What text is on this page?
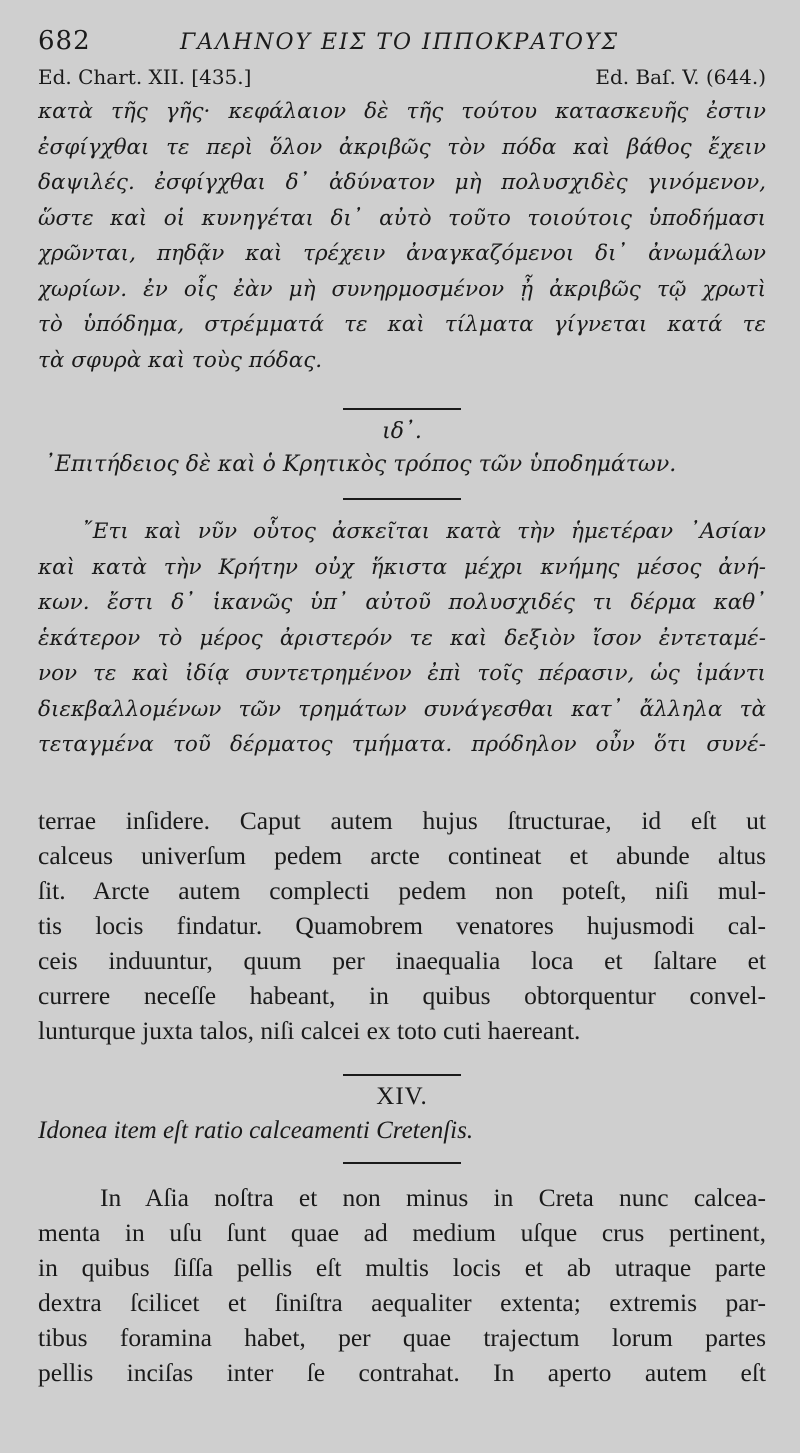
682	ΓΑΛΗΝΟΥ ΕΙΣ ΤΟ ΙΠΠΟΚΡΑΤΟΥΣ
Ed. Chart. XII. [435.]	Ed. Baſ. V. (644.)
κατὰ τῆς γῆς· κεφάλαιον δὲ τῆς τούτου κατασκευῆς ἐστιν
ἐσφίγχθαι τε περὶ ὅλον ἀκριβῶς τὸν πόδα καὶ βάθος ἔχειν
δαψιλές. ἐσφίγχθαι δ᾽ ἀδύνατον μὴ πολυσχιδὲς γινόμενον,
ὥστε καὶ οἱ κυνηγέται δι᾽ αὐτὸ τοῦτο τοιούτοις ὑποδήμασι
χρῶνται, πηδᾷν καὶ τρέχειν ἀναγκαζόμενοι δι᾽ ἀνωμάλων
χωρίων. ἐν οἷς ἐὰν μὴ συνηρμοσμένον ᾖ ἀκριβῶς τῷ χρωτὶ
τὸ ὑπόδημα, στρέμματά τε καὶ τίλματα γίγνεται κατά τε
τὰ σφυρὰ καὶ τοὺς πόδας.
ιδ᾽.
᾿Επιτήδειος δὲ καὶ ὁ Κρητικὸς τρόπος τῶν ὑποδημάτων.
῎Ετι καὶ νῦν οὗτος ἀσκεῖται κατὰ τὴν ἡμετέραν ᾿Ασίαν
καὶ κατὰ τὴν Κρήτην οὐχ ἥκιστα μέχρι κνήμης μέσος ἀνή-
κων. ἔστι δ᾽ ἱκανῶς ὑπ᾽ αὐτοῦ πολυσχιδές τι δέρμα καθ᾽
ἑκάτερον τὸ μέρος ἀριστερόν τε καὶ δεξιὸν ἴσον ἐντεταμέ-
νον τε καὶ ἰδίᾳ συντετρημένον ἐπὶ τοῖς πέρασιν, ὡς ἱμάντι
διεκβαλλομένων τῶν τρημάτων συνάγεσθαι κατ᾽ ἄλληλα τὰ
τεταγμένα τοῦ δέρματος τμήματα. πρόδηλον οὖν ὅτι συνέ-
terrae inſidere. Caput autem hujus ſtructurae, id eſt ut
calceus univerſum pedem arcte contineat et abunde altus
ſit. Arcte autem complecti pedem non poteſt, niſi mul-
tis locis findatur. Quamobrem venatores hujusmodi cal-
ceis induuntur, quum per inaequalia loca et ſaltare et
currere neceſſe habeant, in quibus obtorquentur convel-
lunturque juxta talos, niſi calcei ex toto cuti haereant.
XIV.
Idonea item eſt ratio calceamenti Cretenſis.
In Aſia noſtra et non minus in Creta nunc calcea-
menta in uſu ſunt quae ad medium uſque crus pertinent,
in quibus ſiſſa pellis eſt multis locis et ab utraque parte
dextra ſcilicet et ſiniſtra aequaliter extenta; extremis par-
tibus foramina habet, per quae trajectum lorum partes
pellis inciſas inter ſe contrahat. In aperto autem eſt
